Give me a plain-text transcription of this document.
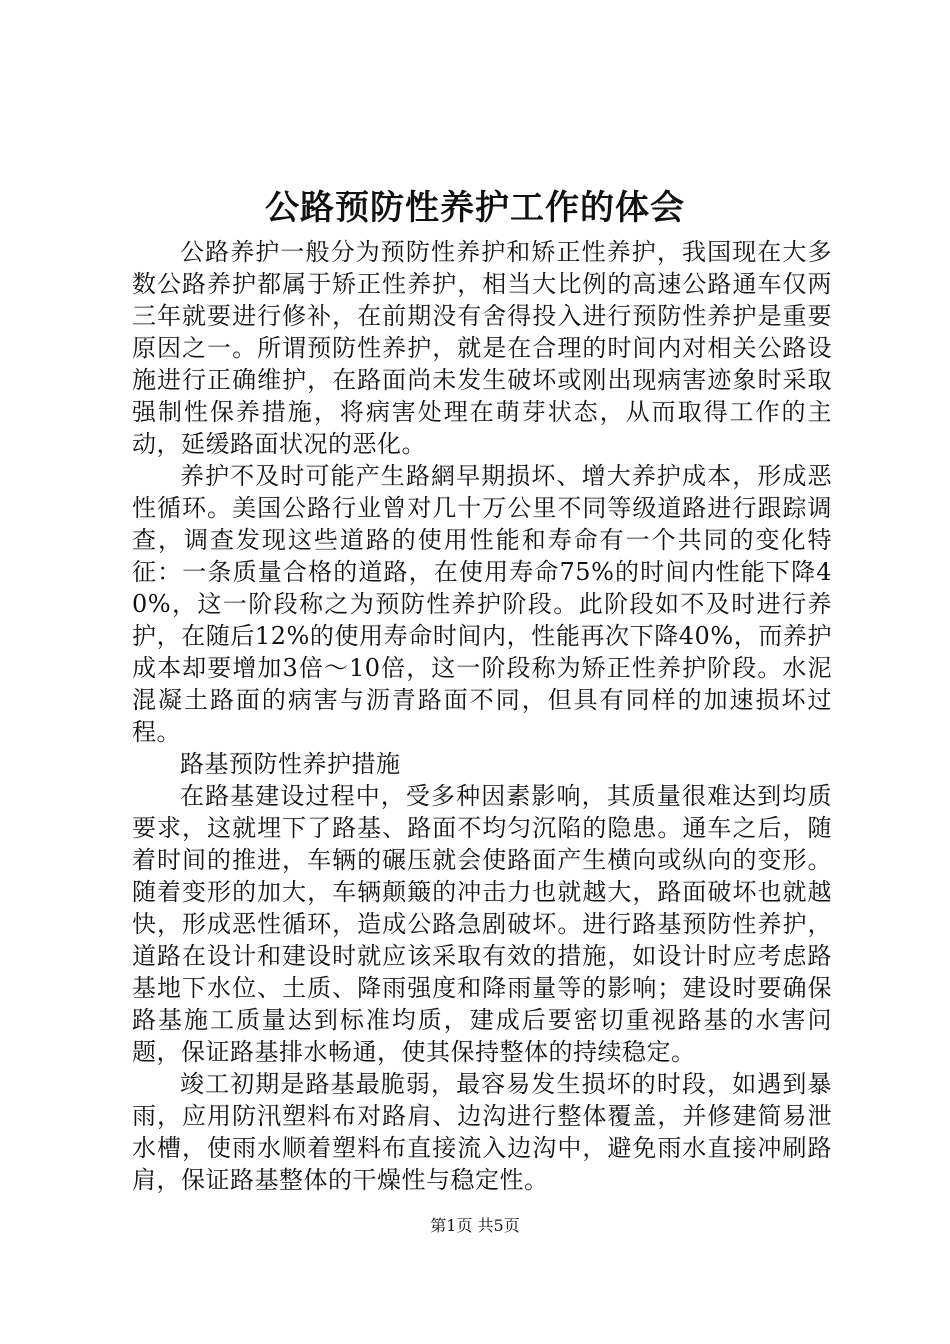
公路预防性养护工作的体会

公路养护一般分为预防性养护和矫正性养护，我国现在大多数公路养护都属于矫正性养护，相当大比例的高速公路通车仅两三年就要进行修补，在前期没有舍得投入进行预防性养护是重要原因之一。所谓预防性养护，就是在合理的时间内对相关公路设施进行正确维护，在路面尚未发生破坏或刚出现病害迹象时采取强制性保养措施，将病害处理在萌芽状态，从而取得工作的主动，延缓路面状况的恶化。

养护不及时可能产生路網早期损坏、增大养护成本，形成恶性循环。美国公路行业曾对几十万公里不同等级道路进行跟踪调查，调查发现这些道路的使用性能和寿命有一个共同的变化特征：一条质量合格的道路，在使用寿命75%的时间内性能下降40%，这一阶段称之为预防性养护阶段。此阶段如不及时进行养护，在随后12%的使用寿命时间内，性能再次下降40%，而养护成本却要增加3倍～10倍，这一阶段称为矫正性养护阶段。水泥混凝土路面的病害与沥青路面不同，但具有同样的加速损坏过程。

路基预防性养护措施

在路基建设过程中，受多种因素影响，其质量很难达到均质要求，这就埋下了路基、路面不均匀沉陷的隐患。通车之后，随着时间的推进，车辆的碾压就会使路面产生横向或纵向的变形。随着变形的加大，车辆颠簸的冲击力也就越大，路面破坏也就越快，形成恶性循环，造成公路急剧破坏。进行路基预防性养护，道路在设计和建设时就应该采取有效的措施，如设计时应考虑路基地下水位、土质、降雨强度和降雨量等的影响；建设时要确保路基施工质量达到标准均质，建成后要密切重视路基的水害问题，保证路基排水畅通，使其保持整体的持续稳定。

竣工初期是路基最脆弱，最容易发生损坏的时段，如遇到暴雨，应用防汛塑料布对路肩、边沟进行整体覆盖，并修建简易泄水槽，使雨水顺着塑料布直接流入边沟中，避免雨水直接冲刷路肩，保证路基整体的干燥性与稳定性。

第1页 共5页
